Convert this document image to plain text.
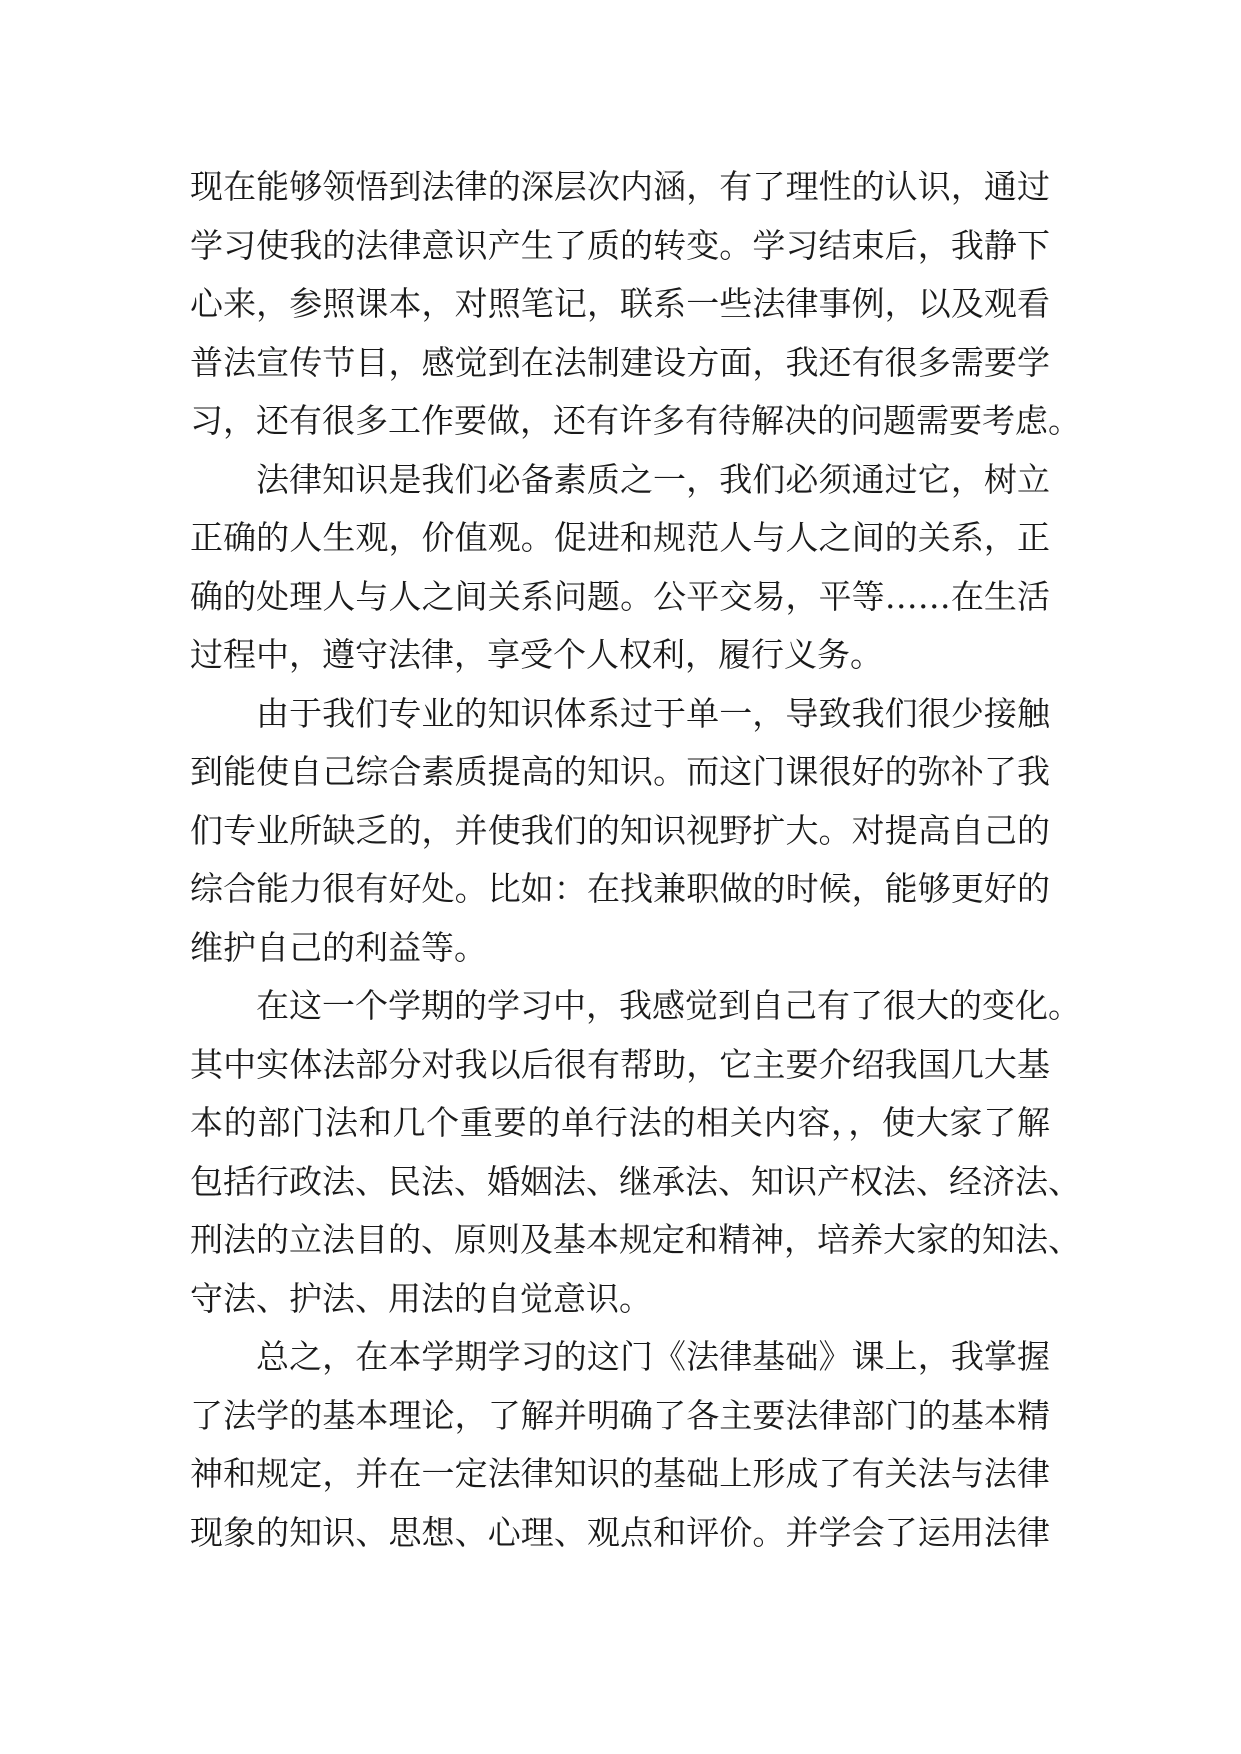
现在能够领悟到法律的深层次内涵，有了理性的认识，通过
学习使我的法律意识产生了质的转变。学习结束后，我静下
心来，参照课本，对照笔记，联系一些法律事例，以及观看
普法宣传节目，感觉到在法制建设方面，我还有很多需要学
习，还有很多工作要做，还有许多有待解决的问题需要考虑。
法律知识是我们必备素质之一，我们必须通过它，树立
正确的人生观，价值观。促进和规范人与人之间的关系，正
确的处理人与人之间关系问题。公平交易，平等……在生活
过程中，遵守法律，享受个人权利，履行义务。
由于我们专业的知识体系过于单一，导致我们很少接触
到能使自己综合素质提高的知识。而这门课很好的弥补了我
们专业所缺乏的，并使我们的知识视野扩大。对提高自己的
综合能力很有好处。比如：在找兼职做的时候，能够更好的
维护自己的利益等。
在这一个学期的学习中，我感觉到自己有了很大的变化。
其中实体法部分对我以后很有帮助，它主要介绍我国几大基
本的部门法和几个重要的单行法的相关内容，，使大家了解
包括行政法、民法、婚姻法、继承法、知识产权法、经济法、
刑法的立法目的、原则及基本规定和精神，培养大家的知法、
守法、护法、用法的自觉意识。
总之，在本学期学习的这门《法律基础》课上，我掌握
了法学的基本理论，了解并明确了各主要法律部门的基本精
神和规定，并在一定法律知识的基础上形成了有关法与法律
现象的知识、思想、心理、观点和评价。并学会了运用法律
